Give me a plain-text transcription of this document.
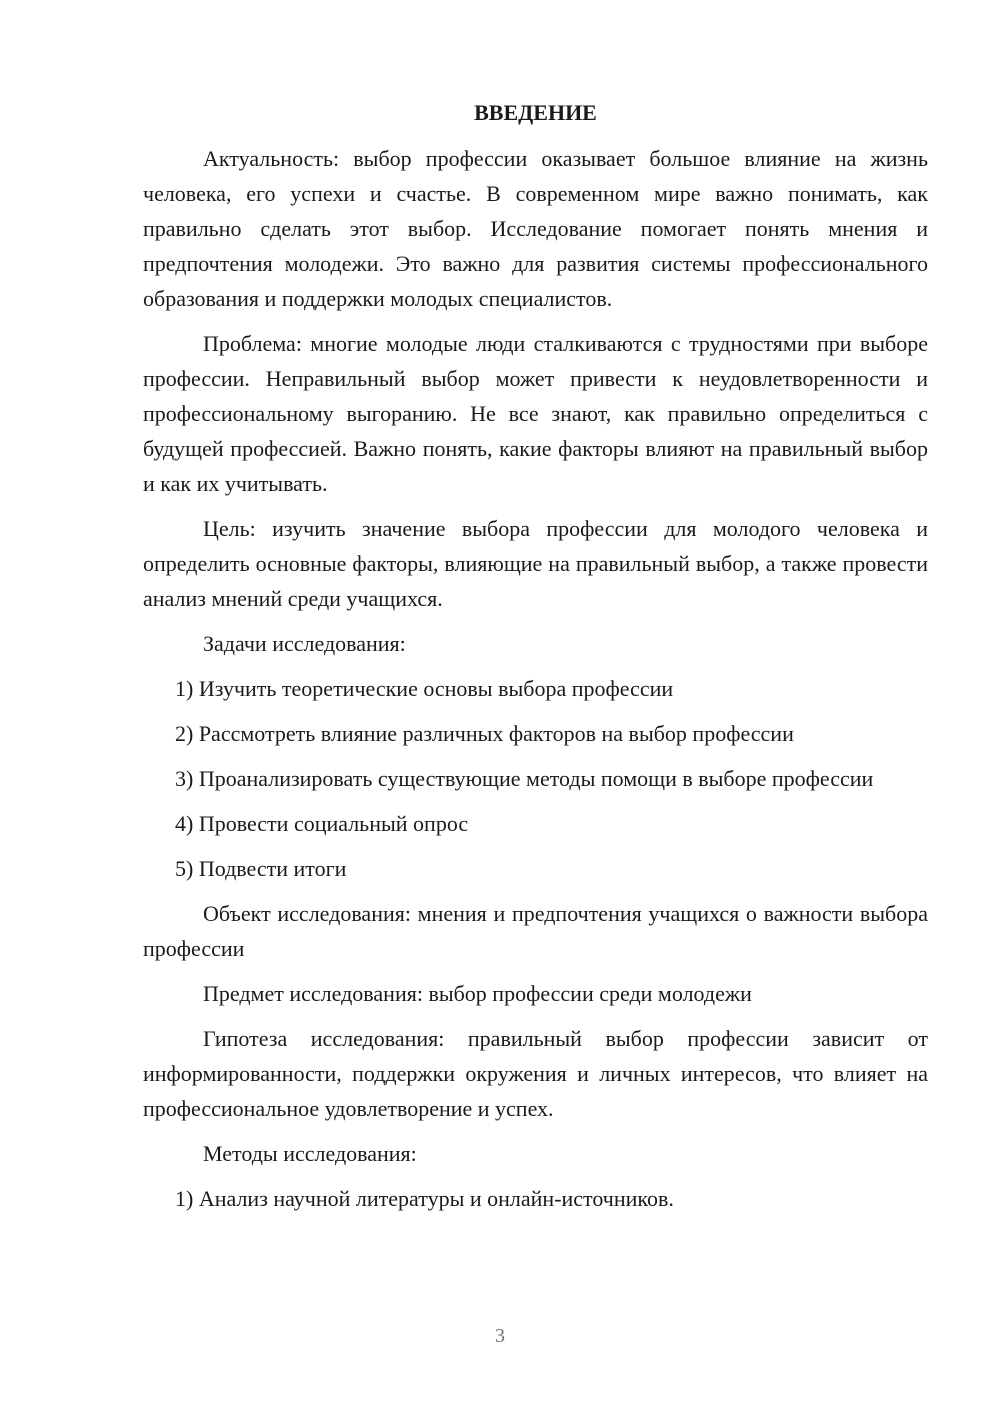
ВВЕДЕНИЕ

Актуальность: выбор профессии оказывает большое влияние на жизнь человека, его успехи и счастье. В современном мире важно понимать, как правильно сделать этот выбор. Исследование помогает понять мнения и предпочтения молодежи. Это важно для развития системы профессионального образования и поддержки молодых специалистов.

Проблема: многие молодые люди сталкиваются с трудностями при выборе профессии. Неправильный выбор может привести к неудовлетворенности и профессиональному выгоранию. Не все знают, как правильно определиться с будущей профессией. Важно понять, какие факторы влияют на правильный выбор и как их учитывать.

Цель: изучить значение выбора профессии для молодого человека и определить основные факторы, влияющие на правильный выбор, а также провести анализ мнений среди учащихся.

Задачи исследования:

1) Изучить теоретические основы выбора профессии

2) Рассмотреть влияние различных факторов на выбор профессии

3) Проанализировать существующие методы помощи в выборе профессии

4) Провести социальный опрос

5) Подвести итоги

Объект исследования: мнения и предпочтения учащихся о важности выбора профессии

Предмет исследования: выбор профессии среди молодежи

Гипотеза исследования: правильный выбор профессии зависит от информированности, поддержки окружения и личных интересов, что влияет на профессиональное удовлетворение и успех.

Методы исследования:

1) Анализ научной литературы и онлайн-источников.

3
